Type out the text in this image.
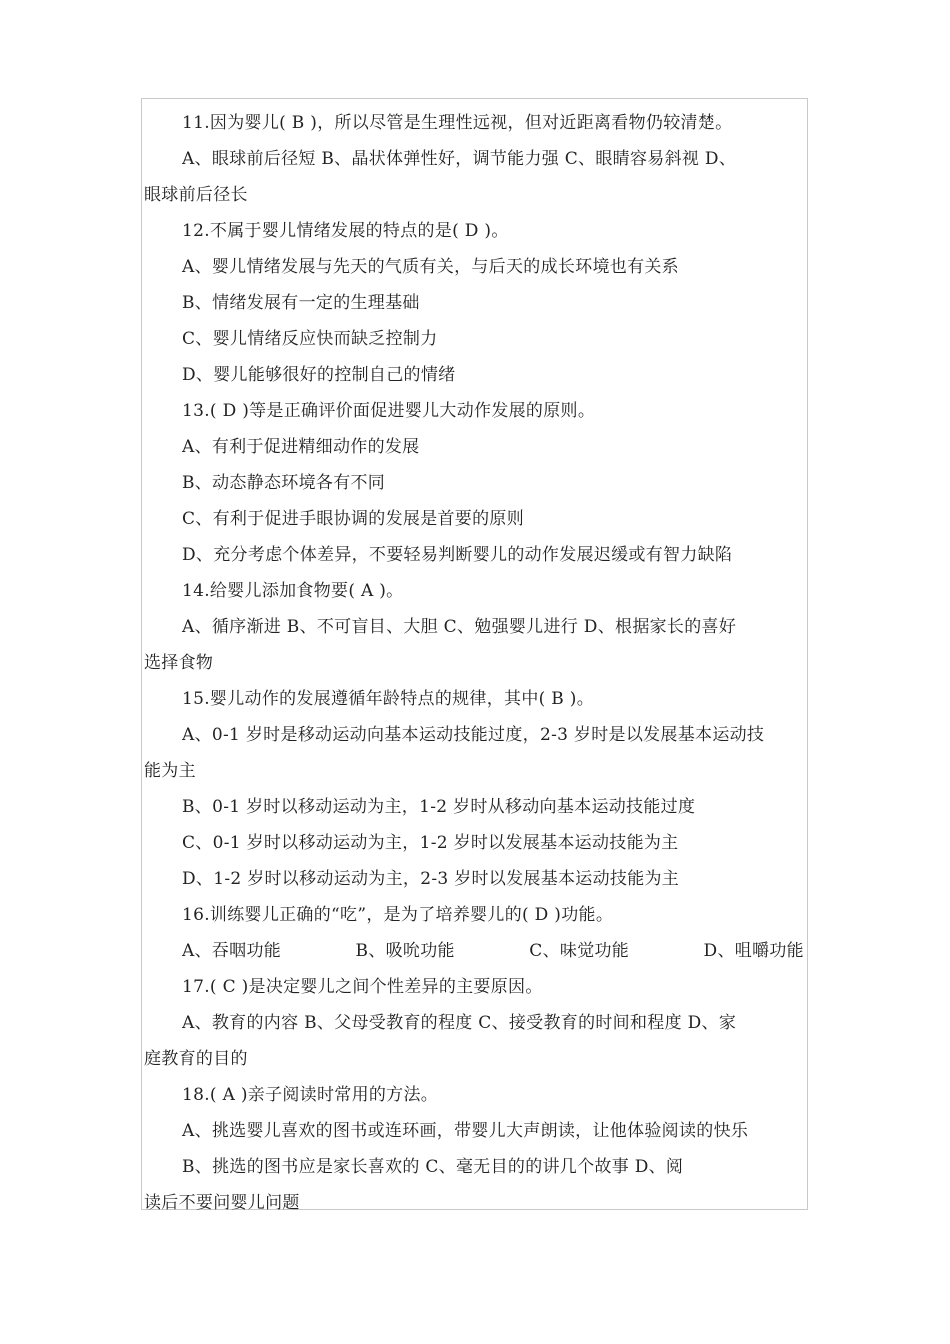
11.因为婴儿( B )，所以尽管是生理性远视，但对近距离看物仍较清楚。
A、眼球前后径短 B、晶状体弹性好，调节能力强 C、眼睛容易斜视 D、
眼球前后径长
12.不属于婴儿情绪发展的特点的是( D )。
A、婴儿情绪发展与先天的气质有关，与后天的成长环境也有关系
B、情绪发展有一定的生理基础
C、婴儿情绪反应快而缺乏控制力
D、婴儿能够很好的控制自己的情绪
13.( D )等是正确评价面促进婴儿大动作发展的原则。
A、有利于促进精细动作的发展
B、动态静态环境各有不同
C、有利于促进手眼协调的发展是首要的原则
D、充分考虑个体差异，不要轻易判断婴儿的动作发展迟缓或有智力缺陷
14.给婴儿添加食物要( A )。
A、循序渐进 B、不可盲目、大胆 C、勉强婴儿进行 D、根据家长的喜好
选择食物
15.婴儿动作的发展遵循年龄特点的规律，其中( B )。
A、0-1 岁时是移动运动向基本运动技能过度，2-3 岁时是以发展基本运动技
能为主
B、0-1 岁时以移动运动为主，1-2 岁时从移动向基本运动技能过度
C、0-1 岁时以移动运动为主，1-2 岁时以发展基本运动技能为主
D、1-2 岁时以移动运动为主，2-3 岁时以发展基本运动技能为主
16.训练婴儿正确的“吃”，是为了培养婴儿的( D )功能。
A、吞咽功能	B、吸吮功能	C、味觉功能	D、咀嚼功能
17.( C )是决定婴儿之间个性差异的主要原因。
A、教育的内容 B、父母受教育的程度 C、接受教育的时间和程度 D、家
庭教育的目的
18.( A )亲子阅读时常用的方法。
A、挑选婴儿喜欢的图书或连环画，带婴儿大声朗读，让他体验阅读的快乐
B、挑选的图书应是家长喜欢的 C、毫无目的的讲几个故事 D、阅
读后不要问婴儿问题
